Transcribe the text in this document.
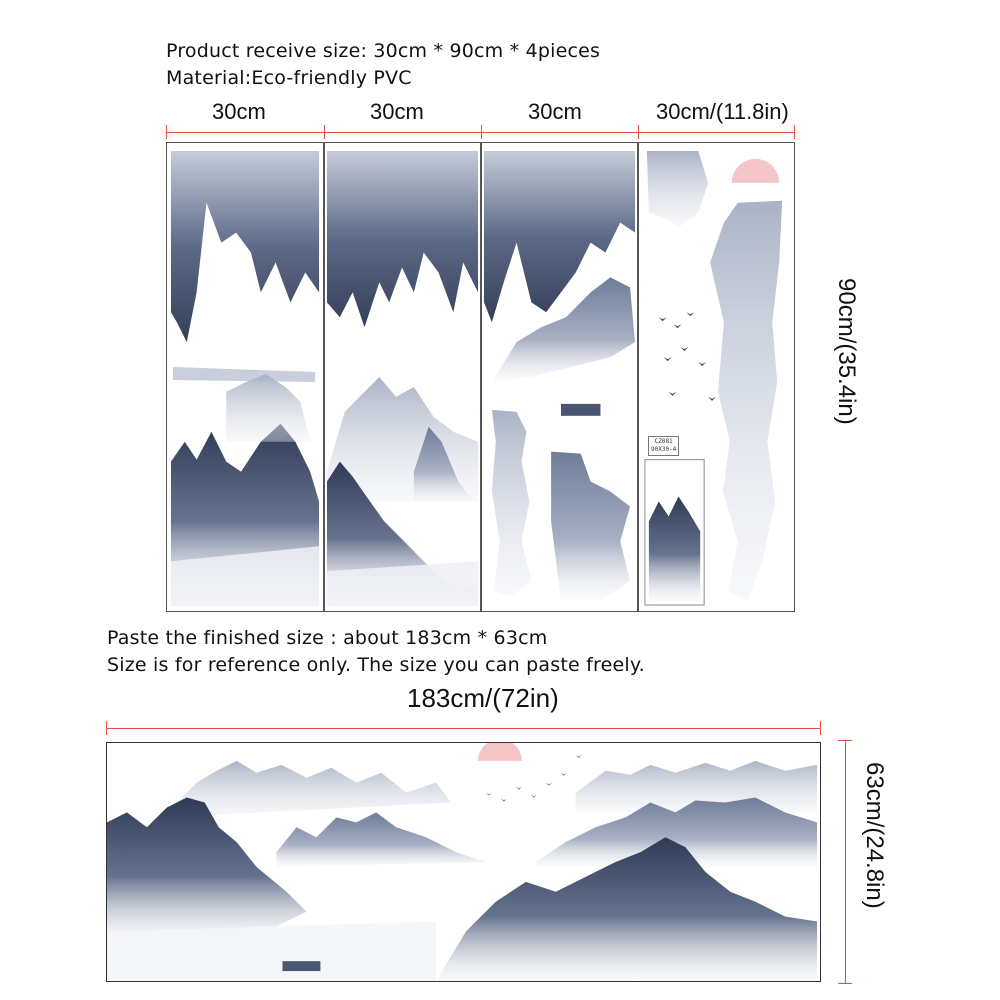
Product receive size: 30cm * 90cm * 4pieces
Material:Eco-friendly PVC
30cm	30cm	30cm	30cm/(11.8in)
CZ081
90X30-4
90cm/(35.4in)
Paste the finished size : about 183cm * 63cm
Size is for reference only. The size you can paste freely.
183cm/(72in)
63cm/(24.8in)
